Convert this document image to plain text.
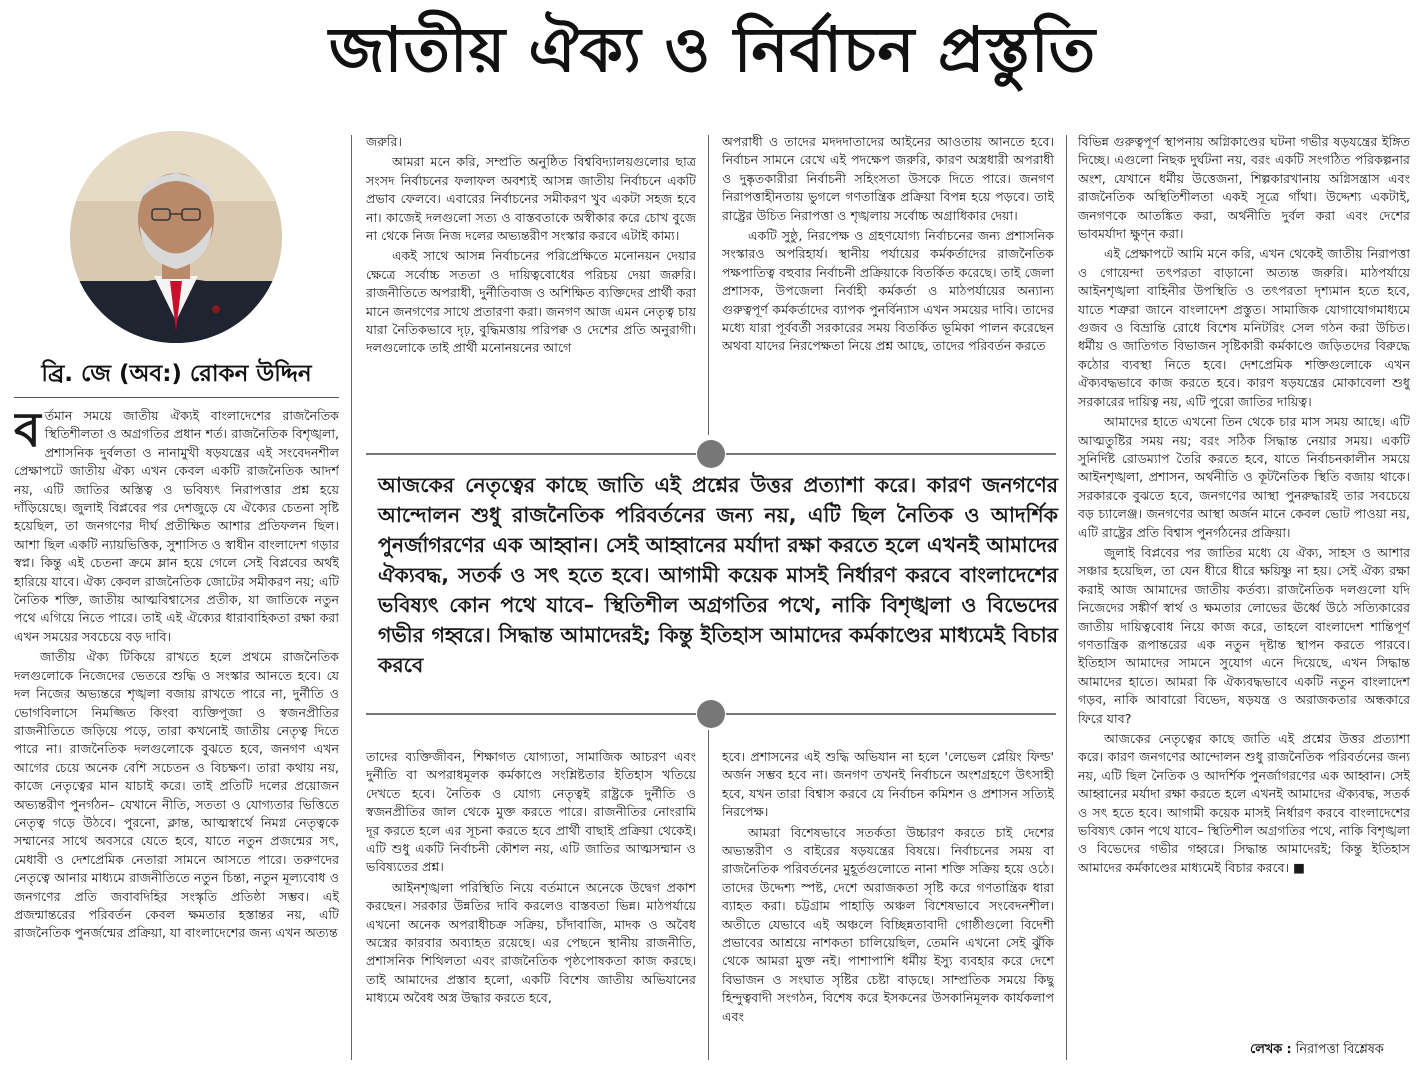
জাতীয় ঐক্য ও নির্বাচন প্রস্তুতি
ব্রি. জে (অব:) রোকন উদ্দিন

বর্তমান সময়ে জাতীয় ঐক্যই বাংলাদেশের রাজনৈতিক স্থিতিশীলতা ও অগ্রগতির প্রধান শর্ত। রাজনৈতিক বিশৃঙ্খলা, প্রশাসনিক দুর্বলতা ও নানামুখী ষড়যন্ত্রের এই সংবেদনশীল প্রেক্ষাপটে জাতীয় ঐক্য এখন কেবল একটি রাজনৈতিক আদর্শ নয়, এটি জাতির অস্তিত্ব ও ভবিষ্যৎ নিরাপত্তার প্রশ্ন হয়ে দাঁড়িয়েছে। জুলাই বিপ্লবের পর দেশজুড়ে যে ঐক্যের চেতনা সৃষ্টি হয়েছিল, তা জনগণের দীর্ঘ প্রতীক্ষিত আশার প্রতিফলন ছিল। আশা ছিল একটি ন্যায়ভিত্তিক, সুশাসিত ও স্বাধীন বাংলাদেশ গড়ার স্বপ্ন। কিন্তু এই চেতনা ক্রমে ম্লান হয়ে গেলে সেই বিপ্লবের অর্থই হারিয়ে যাবে। ঐক্য কেবল রাজনৈতিক জোটের সমীকরণ নয়; এটি নৈতিক শক্তি, জাতীয় আত্মবিশ্বাসের প্রতীক, যা জাতিকে নতুন পথে এগিয়ে নিতে পারে। তাই এই ঐক্যের ধারাবাহিকতা রক্ষা করা এখন সময়ের সবচেয়ে বড় দাবি।

জাতীয় ঐক্য টিকিয়ে রাখতে হলে প্রথমে রাজনৈতিক দলগুলোকে নিজেদের ভেতরে শুদ্ধি ও সংস্কার আনতে হবে। যে দল নিজের অভ্যন্তরে শৃঙ্খলা বজায় রাখতে পারে না, দুর্নীতি ও ভোগবিলাসে নিমজ্জিত কিংবা ব্যক্তিপূজা ও স্বজনপ্রীতির রাজনীতিতে জড়িয়ে পড়ে, তারা কখনোই জাতীয় নেতৃত্ব দিতে পারে না। রাজনৈতিক দলগুলোকে বুঝতে হবে, জনগণ এখন আগের চেয়ে অনেক বেশি সচেতন ও বিচক্ষণ। তারা কথায় নয়, কাজে নেতৃত্বের মান যাচাই করে। তাই প্রতিটি দলের প্রয়োজন অভ্যন্তরীণ পুনর্গঠন– যেখানে নীতি, সততা ও যোগ্যতার ভিত্তিতে নেতৃত্ব গড়ে উঠবে। পুরনো, ক্লান্ত, আত্মস্বার্থে নিমগ্ন নেতৃত্বকে সম্মানের সাথে অবসরে যেতে হবে, যাতে নতুন প্রজন্মের সৎ, মেধাবী ও দেশপ্রেমিক নেতারা সামনে আসতে পারে। তরুণদের নেতৃত্বে আনার মাধ্যমে রাজনীতিতে নতুন চিন্তা, নতুন মূল্যবোধ ও জনগণের প্রতি জবাবদিহির সংস্কৃতি প্রতিষ্ঠা সম্ভব। এই প্রজন্মান্তরের পরিবর্তন কেবল ক্ষমতার হস্তান্তর নয়, এটি রাজনৈতিক পুনর্জন্মের প্রক্রিয়া, যা বাংলাদেশের জন্য এখন অত্যন্ত

জরুরি।

আমরা মনে করি, সম্প্রতি অনুষ্ঠিত বিশ্ববিদ্যালয়গুলোর ছাত্র সংসদ নির্বাচনের ফলাফল অবশ্যই আসন্ন জাতীয় নির্বাচনে একটি প্রভাব ফেলবে। এবারের নির্বাচনের সমীকরণ খুব একটা সহজ হবে না। কাজেই দলগুলো সত্য ও বাস্তবতাকে অস্বীকার করে চোখ বুজে না থেকে নিজ নিজ দলের অভ্যন্তরীণ সংস্কার করবে এটাই কাম্য।

একই সাথে আসন্ন নির্বাচনের পরিপ্রেক্ষিতে মনোনয়ন দেয়ার ক্ষেত্রে সর্বোচ্চ সততা ও দায়িত্ববোধের পরিচয় দেয়া জরুরি। রাজনীতিতে অপরাধী, দুর্নীতিবাজ ও অশিক্ষিত ব্যক্তিদের প্রার্থী করা মানে জনগণের সাথে প্রতারণা করা। জনগণ আজ এমন নেতৃত্ব চায় যারা নৈতিকভাবে দৃঢ়, বুদ্ধিমত্তায় পরিপক্ব ও দেশের প্রতি অনুরাগী। দলগুলোকে তাই প্রার্থী মনোনয়নের আগে

অপরাধী ও তাদের মদদদাতাদের আইনের আওতায় আনতে হবে। নির্বাচন সামনে রেখে এই পদক্ষেপ জরুরি, কারণ অস্ত্রধারী অপরাধী ও দুষ্কৃতকারীরা নির্বাচনী সহিংসতা উসকে দিতে পারে। জনগণ নিরাপত্তাহীনতায় ভুগলে গণতান্ত্রিক প্রক্রিয়া বিপন্ন হয়ে পড়বে। তাই রাষ্ট্রের উচিত নিরাপত্তা ও শৃঙ্খলায় সর্বোচ্চ অগ্রাধিকার দেয়া।

একটি সুষ্ঠু, নিরপেক্ষ ও গ্রহণযোগ্য নির্বাচনের জন্য প্রশাসনিক সংস্কারও অপরিহার্য। স্থানীয় পর্যায়ের কর্মকর্তাদের রাজনৈতিক পক্ষপাতিত্ব বহুবার নির্বাচনী প্রক্রিয়াকে বিতর্কিত করেছে। তাই জেলা প্রশাসক, উপজেলা নির্বাহী কর্মকর্তা ও মাঠপর্যায়ের অন্যান্য গুরুত্বপূর্ণ কর্মকর্তাদের ব্যাপক পুনর্বিন্যাস এখন সময়ের দাবি। তাদের মধ্যে যারা পূর্ববর্তী সরকারের সময় বিতর্কিত ভূমিকা পালন করেছেন অথবা যাদের নিরপেক্ষতা নিয়ে প্রশ্ন আছে, তাদের পরিবর্তন করতে

আজকের নেতৃত্বের কাছে জাতি এই প্রশ্নের উত্তর প্রত্যাশা করে। কারণ জনগণের আন্দোলন শুধু রাজনৈতিক পরিবর্তনের জন্য নয়, এটি ছিল নৈতিক ও আদর্শিক পুনর্জাগরণের এক আহ্বান। সেই আহ্বানের মর্যাদা রক্ষা করতে হলে এখনই আমাদের ঐক্যবদ্ধ, সতর্ক ও সৎ হতে হবে। আগামী কয়েক মাসই নির্ধারণ করবে বাংলাদেশের ভবিষ্যৎ কোন পথে যাবে– স্থিতিশীল অগ্রগতির পথে, নাকি বিশৃঙ্খলা ও বিভেদের গভীর গহ্বরে। সিদ্ধান্ত আমাদেরই; কিন্তু ইতিহাস আমাদের কর্মকাণ্ডের মাধ্যমেই বিচার করবে

তাদের ব্যক্তিজীবন, শিক্ষাগত যোগ্যতা, সামাজিক আচরণ এবং দুর্নীতি বা অপরাধমূলক কর্মকাণ্ডে সংশ্লিষ্টতার ইতিহাস খতিয়ে দেখতে হবে। নৈতিক ও যোগ্য নেতৃত্বই রাষ্ট্রকে দুর্নীতি ও স্বজনপ্রীতির জাল থেকে মুক্ত করতে পারে। রাজনীতির নোংরামি দূর করতে হলে এর সূচনা করতে হবে প্রার্থী বাছাই প্রক্রিয়া থেকেই। এটি শুধু একটি নির্বাচনী কৌশল নয়, এটি জাতির আত্মসম্মান ও ভবিষ্যতের প্রশ্ন।

আইনশৃঙ্খলা পরিস্থিতি নিয়ে বর্তমানে অনেকে উদ্বেগ প্রকাশ করছেন। সরকার উন্নতির দাবি করলেও বাস্তবতা ভিন্ন। মাঠপর্যায়ে এখনো অনেক অপরাধীচক্র সক্রিয়, চাঁদাবাজি, মাদক ও অবৈধ অস্ত্রের কারবার অব্যাহত রয়েছে। এর পেছনে স্থানীয় রাজনীতি, প্রশাসনিক শিথিলতা এবং রাজনৈতিক পৃষ্ঠপোষকতা কাজ করছে। তাই আমাদের প্রস্তাব হলো, একটি বিশেষ জাতীয় অভিযানের মাধ্যমে অবৈধ অস্ত্র উদ্ধার করতে হবে,

হবে। প্রশাসনের এই শুদ্ধি অভিযান না হলে 'লেভেল প্লেয়িং ফিল্ড' অর্জন সম্ভব হবে না। জনগণ তখনই নির্বাচনে অংশগ্রহণে উৎসাহী হবে, যখন তারা বিশ্বাস করবে যে নির্বাচন কমিশন ও প্রশাসন সত্যিই নিরপেক্ষ।

আমরা বিশেষভাবে সতর্কতা উচ্চারণ করতে চাই দেশের অভ্যন্তরীণ ও বাইরের ষড়যন্ত্রের বিষয়ে। নির্বাচনের সময় বা রাজনৈতিক পরিবর্তনের মুহূর্তগুলোতে নানা শক্তি সক্রিয় হয়ে ওঠে। তাদের উদ্দেশ্য স্পষ্ট, দেশে অরাজকতা সৃষ্টি করে গণতান্ত্রিক ধারা ব্যাহত করা। চট্টগ্রাম পাহাড়ি অঞ্চল বিশেষভাবে সংবেদনশীল। অতীতে যেভাবে এই অঞ্চলে বিচ্ছিন্নতাবাদী গোষ্ঠীগুলো বিদেশী প্রভাবের আশ্রয়ে নাশকতা চালিয়েছিল, তেমনি এখনো সেই ঝুঁকি থেকে আমরা মুক্ত নই। পাশাপাশি ধর্মীয় ইস্যু ব্যবহার করে দেশে বিভাজন ও সংঘাত সৃষ্টির চেষ্টা বাড়ছে। সাম্প্রতিক সময়ে কিছু হিন্দুত্ববাদী সংগঠন, বিশেষ করে ইসকনের উসকানিমূলক কার্যকলাপ এবং

বিভিন্ন গুরুত্বপূর্ণ স্থাপনায় অগ্নিকাণ্ডের ঘটনা গভীর ষড়যন্ত্রের ইঙ্গিত দিচ্ছে। এগুলো নিছক দুর্ঘটনা নয়, বরং একটি সংগঠিত পরিকল্পনার অংশ, যেখানে ধর্মীয় উত্তেজনা, শিল্পকারখানায় অগ্নিসন্ত্রাস এবং রাজনৈতিক অস্থিতিশীলতা একই সূত্রে গাঁথা। উদ্দেশ্য একটাই, জনগণকে আতঙ্কিত করা, অর্থনীতি দুর্বল করা এবং দেশের ভাবমর্যাদা ক্ষুণ্ন করা।

এই প্রেক্ষাপটে আমি মনে করি, এখন থেকেই জাতীয় নিরাপত্তা ও গোয়েন্দা তৎপরতা বাড়ানো অত্যন্ত জরুরি। মাঠপর্যায়ে আইনশৃঙ্খলা বাহিনীর উপস্থিতি ও তৎপরতা দৃশ্যমান হতে হবে, যাতে শত্রুরা জানে বাংলাদেশ প্রস্তুত। সামাজিক যোগাযোগমাধ্যমে গুজব ও বিভ্রান্তি রোধে বিশেষ মনিটরিং সেল গঠন করা উচিত। ধর্মীয় ও জাতিগত বিভাজন সৃষ্টিকারী কর্মকাণ্ডে জড়িতদের বিরুদ্ধে কঠোর ব্যবস্থা নিতে হবে। দেশপ্রেমিক শক্তিগুলোকে এখন ঐক্যবদ্ধভাবে কাজ করতে হবে। কারণ ষড়যন্ত্রের মোকাবেলা শুধু সরকারের দায়িত্ব নয়, এটি পুরো জাতির দায়িত্ব।

আমাদের হাতে এখনো তিন থেকে চার মাস সময় আছে। এটি আত্মতুষ্টির সময় নয়; বরং সঠিক সিদ্ধান্ত নেয়ার সময়। একটি সুনির্দিষ্ট রোডম্যাপ তৈরি করতে হবে, যাতে নির্বাচনকালীন সময়ে আইনশৃঙ্খলা, প্রশাসন, অর্থনীতি ও কূটনৈতিক স্থিতি বজায় থাকে। সরকারকে বুঝতে হবে, জনগণের আস্থা পুনরুদ্ধারই তার সবচেয়ে বড় চ্যালেঞ্জ। জনগণের আস্থা অর্জন মানে কেবল ভোট পাওয়া নয়, এটি রাষ্ট্রের প্রতি বিশ্বাস পুনর্গঠনের প্রক্রিয়া।

জুলাই বিপ্লবের পর জাতির মধ্যে যে ঐক্য, সাহস ও আশার সঞ্চার হয়েছিল, তা যেন ধীরে ধীরে ক্ষয়িষ্ণু না হয়। সেই ঐক্য রক্ষা করাই আজ আমাদের জাতীয় কর্তব্য। রাজনৈতিক দলগুলো যদি নিজেদের সঙ্কীর্ণ স্বার্থ ও ক্ষমতার লোভের ঊর্ধ্বে উঠে সত্যিকারের জাতীয় দায়িত্ববোধ নিয়ে কাজ করে, তাহলে বাংলাদেশ শান্তিপূর্ণ গণতান্ত্রিক রূপান্তরের এক নতুন দৃষ্টান্ত স্থাপন করতে পারবে। ইতিহাস আমাদের সামনে সুযোগ এনে দিয়েছে, এখন সিদ্ধান্ত আমাদের হাতে। আমরা কি ঐক্যবদ্ধভাবে একটি নতুন বাংলাদেশ গড়ব, নাকি আবারো বিভেদ, ষড়যন্ত্র ও অরাজকতার অন্ধকারে ফিরে যাব?

আজকের নেতৃত্বের কাছে জাতি এই প্রশ্নের উত্তর প্রত্যাশা করে। কারণ জনগণের আন্দোলন শুধু রাজনৈতিক পরিবর্তনের জন্য নয়, এটি ছিল নৈতিক ও আদর্শিক পুনর্জাগরণের এক আহ্বান। সেই আহ্বানের মর্যাদা রক্ষা করতে হলে এখনই আমাদের ঐক্যবদ্ধ, সতর্ক ও সৎ হতে হবে। আগামী কয়েক মাসই নির্ধারণ করবে বাংলাদেশের ভবিষ্যৎ কোন পথে যাবে– স্থিতিশীল অগ্রগতির পথে, নাকি বিশৃঙ্খলা ও বিভেদের গভীর গহ্বরে। সিদ্ধান্ত আমাদেরই; কিন্তু ইতিহাস আমাদের কর্মকাণ্ডের মাধ্যমেই বিচার করবে। ■

লেখক : নিরাপত্তা বিশ্লেষক
